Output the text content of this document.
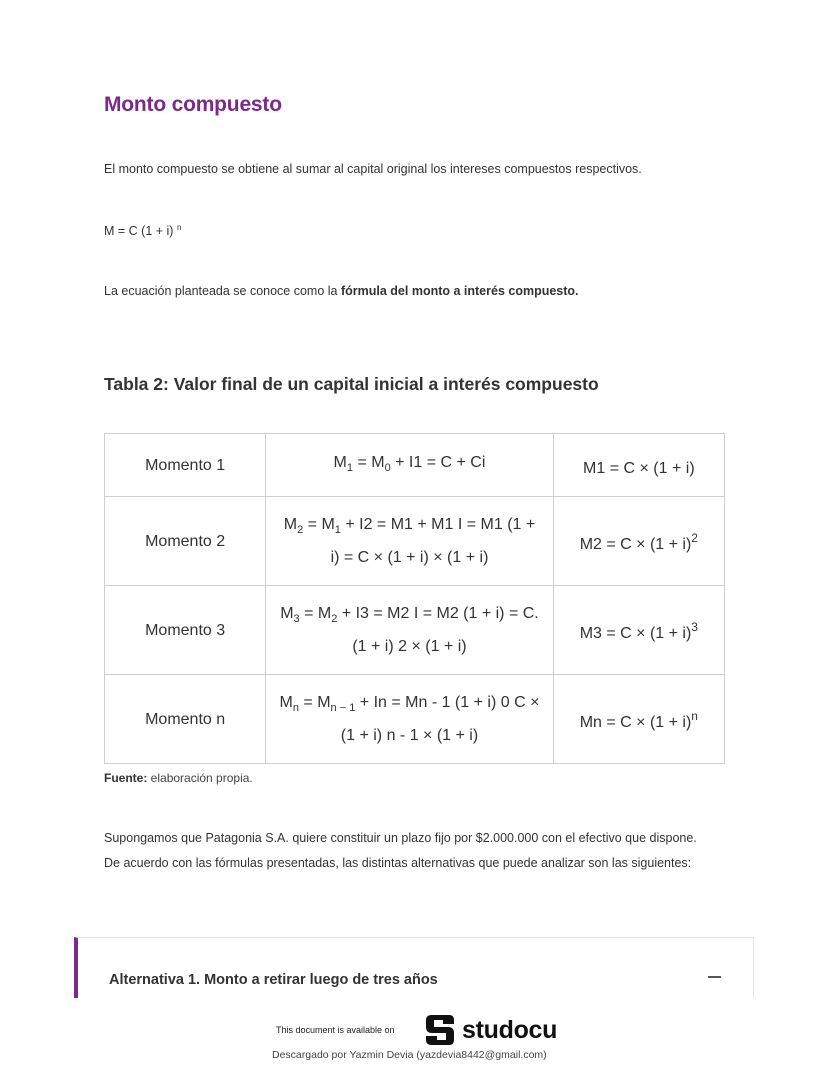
Monto compuesto

El monto compuesto se obtiene al sumar al capital original los intereses compuestos respectivos.

M = C (1 + i) $^n$

La ecuación planteada se conoce como la fórmula del monto a interés compuesto.

Tabla 2: Valor final de un capital inicial a interés compuesto
Momento 1	$M_1 = M_0 + I1 = C + Ci$	M1 = C × (1 + i)
Momento 2	$M_2 = M_1 + I2 = M1 + M1$ I = M1 (1 + i) = C × (1 + i) × (1 + i)	$M2 = C \times (1 + i)^2$
Momento 3	$M_3 = M_2 + I3 = M2$ I = M2 (1 + i) = C. (1 + i) 2 × (1 + i)	$M3 = C \times (1 + i)^3$
Momento n	$M_n = M_{n - 1} + In = Mn - 1$ (1 + i) 0 C × (1 + i) n - 1 × (1 + i)	$Mn = C \times (1 + i)^n$

Fuente: elaboración propia.

Supongamos que Patagonia S.A. quiere constituir un plazo fijo por $2.000.000 con el efectivo que dispone.

De acuerdo con las fórmulas presentadas, las distintas alternativas que puede analizar son las siguientes:

Alternativa 1. Monto a retirar luego de tres años
This document is available on	studocu
Descargado por Yazmin Devia (yazdevia8442@gmail.com)
